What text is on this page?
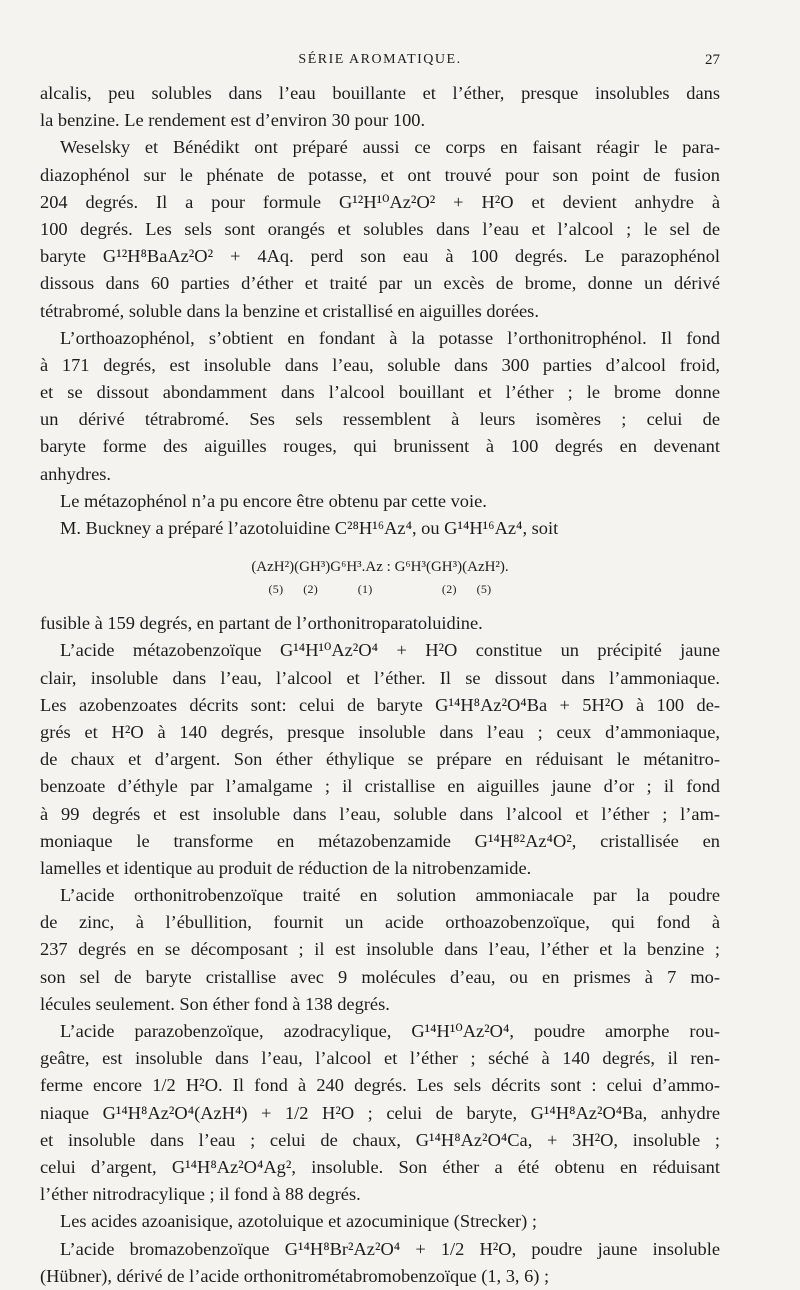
SÉRIE AROMATIQUE.	27
alcalis, peu solubles dans l’eau bouillante et l’éther, presque insolubles dans
la benzine. Le rendement est d’environ 30 pour 100.
Weselsky et Bénédikt ont préparé aussi ce corps en faisant réagir le para-
diazophénol sur le phénate de potasse, et ont trouvé pour son point de fusion
204 degrés. Il a pour formule G¹²H¹⁰Az²O² + H²O et devient anhydre à
100 degrés. Les sels sont orangés et solubles dans l’eau et l’alcool ; le sel de
baryte G¹²H⁸BaAz²O² + 4Aq. perd son eau à 100 degrés. Le parazophénol
dissous dans 60 parties d’éther et traité par un excès de brome, donne un dérivé
tétrabromé, soluble dans la benzine et cristallisé en aiguilles dorées.
L’orthoazophénol, s’obtient en fondant à la potasse l’orthonitrophénol. Il fond
à 171 degrés, est insoluble dans l’eau, soluble dans 300 parties d’alcool froid,
et se dissout abondamment dans l’alcool bouillant et l’éther ; le brome donne
un dérivé tétrabromé. Ses sels ressemblent à leurs isomères ; celui de
baryte forme des aiguilles rouges, qui brunissent à 100 degrés en devenant
anhydres.
Le métazophénol n’a pu encore être obtenu par cette voie.
M. Buckney a préparé l’azotoluidine C²⁸H¹⁶Az⁴, ou G¹⁴H¹⁶Az⁴, soit
(AzH²)(GH³)G⁶H³.Az : G⁶H³(GH³)(AzH²).
(5)      (2)            (1)                     (2)      (5)
fusible à 159 degrés, en partant de l’orthonitroparatoluidine.
L’acide métazobenzoïque G¹⁴H¹⁰Az²O⁴ + H²O constitue un précipité jaune
clair, insoluble dans l’eau, l’alcool et l’éther. Il se dissout dans l’ammoniaque.
Les azobenzoates décrits sont: celui de baryte G¹⁴H⁸Az²O⁴Ba + 5H²O à 100 de-
grés et H²O à 140 degrés, presque insoluble dans l’eau ; ceux d’ammoniaque,
de chaux et d’argent. Son éther éthylique se prépare en réduisant le métanitro-
benzoate d’éthyle par l’amalgame ; il cristallise en aiguilles jaune d’or ; il fond
à 99 degrés et est insoluble dans l’eau, soluble dans l’alcool et l’éther ; l’am-
moniaque le transforme en métazobenzamide G¹⁴H⁸²Az⁴O², cristallisée en
lamelles et identique au produit de réduction de la nitrobenzamide.
L’acide orthonitrobenzoïque traité en solution ammoniacale par la poudre
de zinc, à l’ébullition, fournit un acide orthoazobenzoïque, qui fond à
237 degrés en se décomposant ; il est insoluble dans l’eau, l’éther et la benzine ;
son sel de baryte cristallise avec 9 molécules d’eau, ou en prismes à 7 mo-
lécules seulement. Son éther fond à 138 degrés.
L’acide parazobenzoïque, azodracylique, G¹⁴H¹⁰Az²O⁴, poudre amorphe rou-
geâtre, est insoluble dans l’eau, l’alcool et l’éther ; séché à 140 degrés, il ren-
ferme encore 1/2 H²O. Il fond à 240 degrés. Les sels décrits sont : celui d’ammo-
niaque G¹⁴H⁸Az²O⁴(AzH⁴) + 1/2 H²O ; celui de baryte, G¹⁴H⁸Az²O⁴Ba, anhydre
et insoluble dans l’eau ; celui de chaux, G¹⁴H⁸Az²O⁴Ca, + 3H²O, insoluble ;
celui d’argent, G¹⁴H⁸Az²O⁴Ag², insoluble. Son éther a été obtenu en réduisant
l’éther nitrodracylique ; il fond à 88 degrés.
Les acides azoanisique, azotoluique et azocuminique (Strecker) ;
L’acide bromazobenzoïque G¹⁴H⁸Br²Az²O⁴ + 1/2 H²O, poudre jaune insoluble
(Hübner), dérivé de l’acide orthonitrométabromobenzoïque (1, 3, 6) ;
